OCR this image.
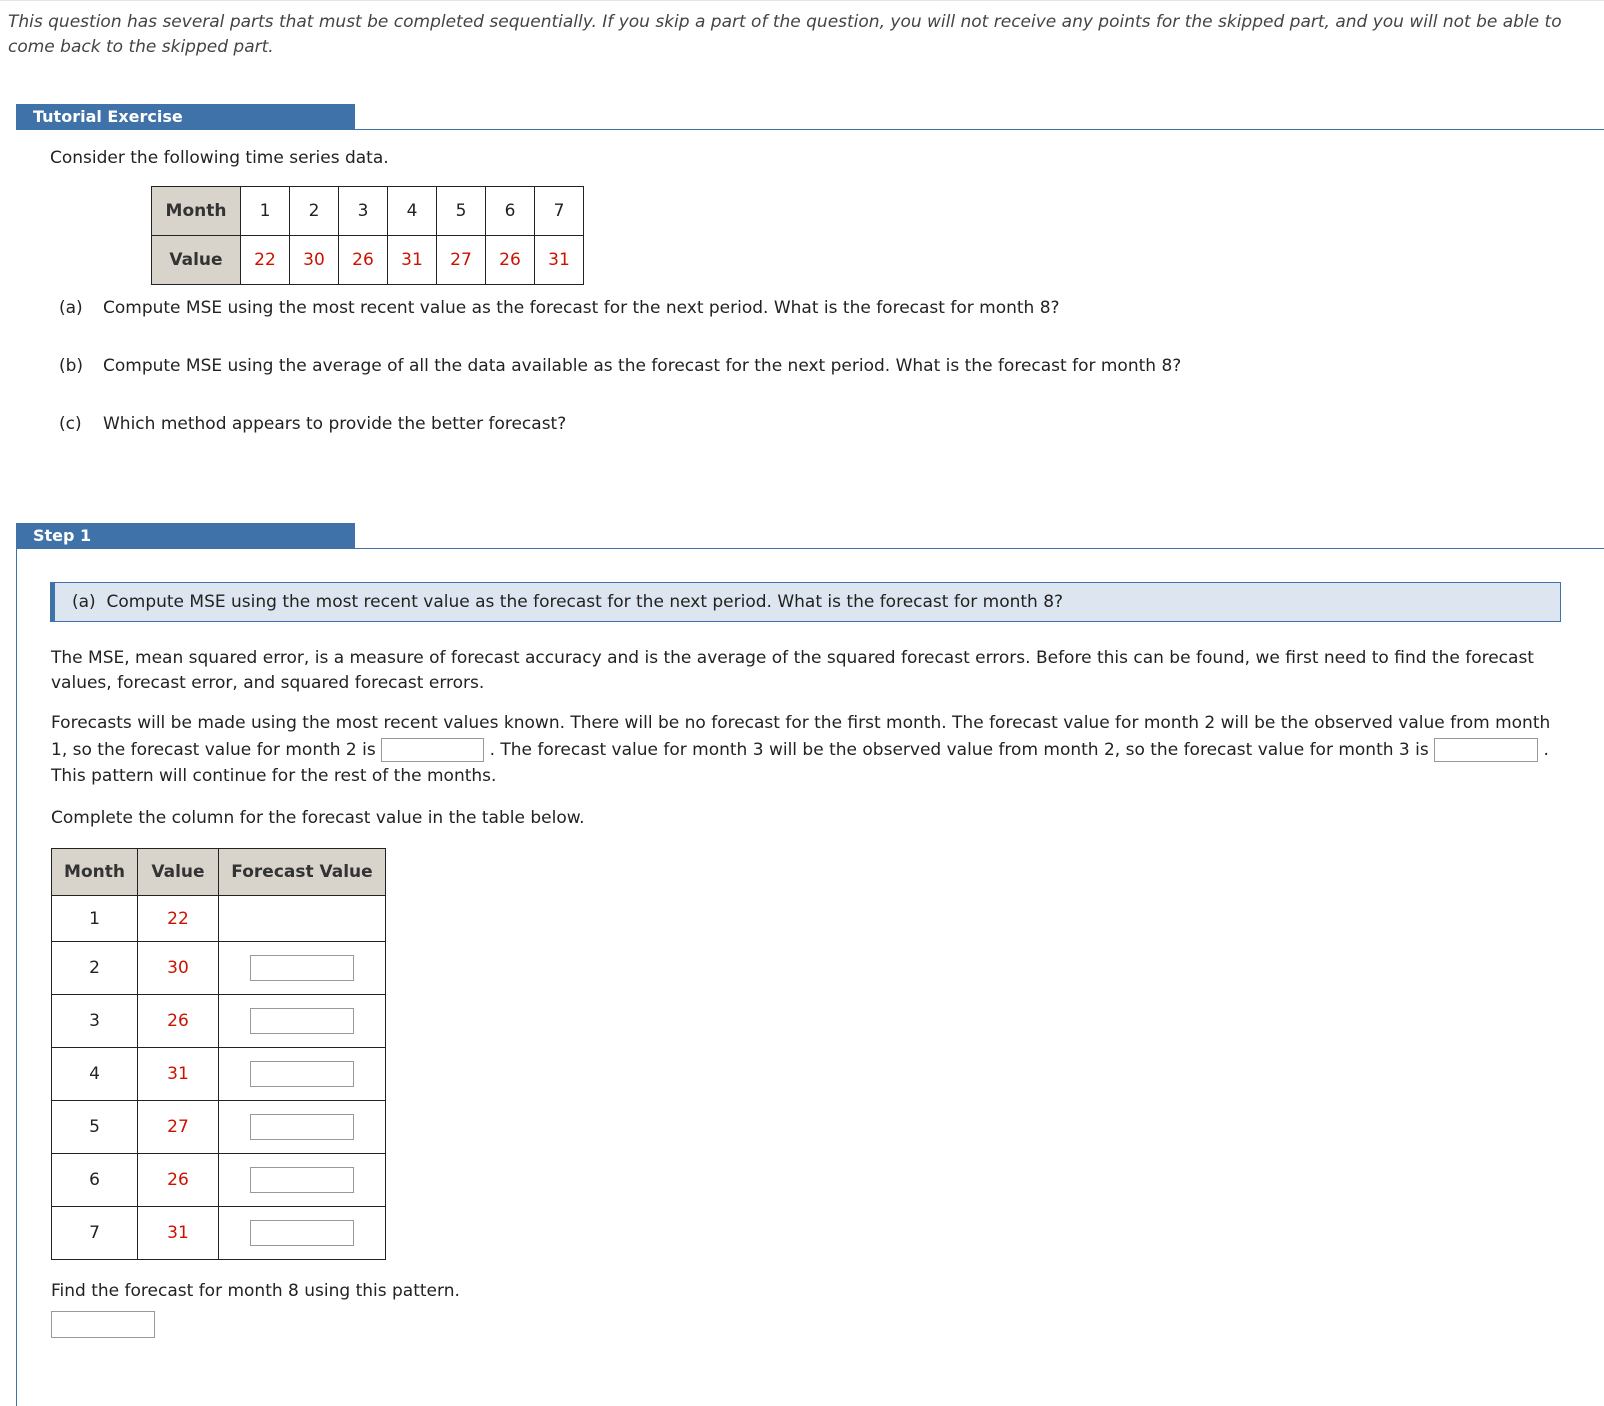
This question has several parts that must be completed sequentially. If you skip a part of the question, you will not receive any points for the skipped part, and you will not be able to
come back to the skipped part.
Tutorial Exercise
Consider the following time series data.
Month	1	2	3	4	5	6	7
Value	22	30	26	31	27	26	31
(a) Compute MSE using the most recent value as the forecast for the next period. What is the forecast for month 8?
(b) Compute MSE using the average of all the data available as the forecast for the next period. What is the forecast for month 8?
(c) Which method appears to provide the better forecast?
Step 1
(a) Compute MSE using the most recent value as the forecast for the next period. What is the forecast for month 8?
The MSE, mean squared error, is a measure of forecast accuracy and is the average of the squared forecast errors. Before this can be found, we first need to find the forecast values, forecast error, and squared forecast errors.
Forecasts will be made using the most recent values known. There will be no forecast for the first month. The forecast value for month 2 will be the observed value from month
1, so the forecast value for month 2 is	. The forecast value for month 3 will be the observed value from month 2, so the forecast value for month 3 is	.
This pattern will continue for the rest of the months.
Complete the column for the forecast value in the table below.
Month	Value	Forecast Value
1	22	
2	30	
3	26	
4	31	
5	27	
6	26	
7	31	
Find the forecast for month 8 using this pattern.
